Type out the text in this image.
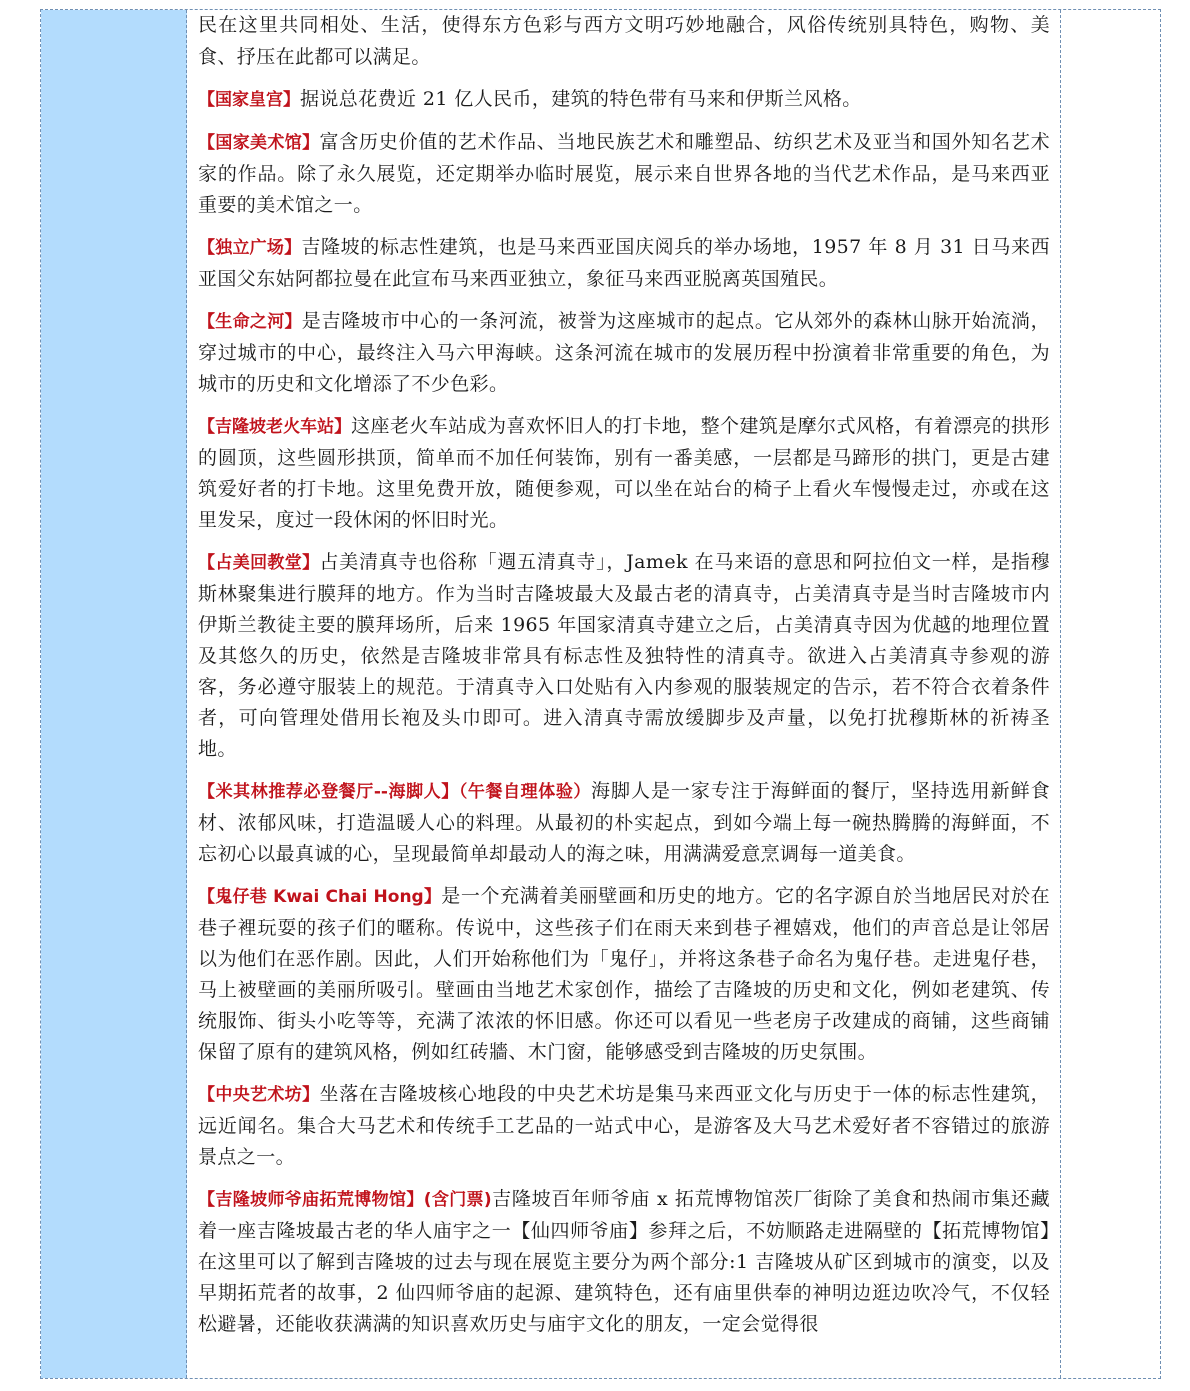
民在这里共同相处、生活，使得东方色彩与西方文明巧妙地融合，风俗传统别具特色，购物、美食、抒压在此都可以满足。

【国家皇宫】据说总花费近 21 亿人民币，建筑的特色带有马来和伊斯兰风格。

【国家美术馆】富含历史价值的艺术作品、当地民族艺术和雕塑品、纺织艺术及亚当和国外知名艺术家的作品。除了永久展览，还定期举办临时展览，展示来自世界各地的当代艺术作品，是马来西亚重要的美术馆之一。

【独立广场】吉隆坡的标志性建筑，也是马来西亚国庆阅兵的举办场地，1957 年 8 月 31 日马来西亚国父东姑阿都拉曼在此宣布马来西亚独立，象征马来西亚脱离英国殖民。

【生命之河】是吉隆坡市中心的一条河流，被誉为这座城市的起点。它从郊外的森林山脉开始流淌，穿过城市的中心，最终注入马六甲海峡。这条河流在城市的发展历程中扮演着非常重要的角色，为城市的历史和文化增添了不少色彩。

【吉隆坡老火车站】这座老火车站成为喜欢怀旧人的打卡地，整个建筑是摩尔式风格，有着漂亮的拱形的圆顶，这些圆形拱顶，简单而不加任何装饰，别有一番美感，一层都是马蹄形的拱门，更是古建筑爱好者的打卡地。这里免费开放，随便参观，可以坐在站台的椅子上看火车慢慢走过，亦或在这里发呆，度过一段休闲的怀旧时光。

【占美回教堂】占美清真寺也俗称「週五清真寺」，Jamek 在马来语的意思和阿拉伯文一样，是指穆斯林聚集进行膜拜的地方。作为当时吉隆坡最大及最古老的清真寺，占美清真寺是当时吉隆坡市内伊斯兰教徒主要的膜拜场所，后来 1965 年国家清真寺建立之后，占美清真寺因为优越的地理位置及其悠久的历史，依然是吉隆坡非常具有标志性及独特性的清真寺。欲进入占美清真寺参观的游客，务必遵守服装上的规范。于清真寺入口处贴有入内参观的服装规定的告示，若不符合衣着条件者，可向管理处借用长袍及头巾即可。进入清真寺需放缓脚步及声量，以免打扰穆斯林的祈祷圣地。

【米其林推荐必登餐厅--海脚人】（午餐自理体验）海脚人是一家专注于海鲜面的餐厅，坚持选用新鲜食材、浓郁风味，打造温暖人心的料理。从最初的朴实起点，到如今端上每一碗热腾腾的海鲜面，不忘初心以最真诚的心，呈现最简单却最动人的海之味，用满满爱意烹调每一道美食。

【鬼仔巷 Kwai Chai Hong】是一个充满着美丽壁画和历史的地方。它的名字源自於当地居民对於在巷子裡玩耍的孩子们的暱称。传说中，这些孩子们在雨天来到巷子裡嬉戏，他们的声音总是让邻居以为他们在恶作剧。因此，人们开始称他们为「鬼仔」，并将这条巷子命名为鬼仔巷。走进鬼仔巷，马上被壁画的美丽所吸引。壁画由当地艺术家创作，描绘了吉隆坡的历史和文化，例如老建筑、传统服饰、街头小吃等等，充满了浓浓的怀旧感。你还可以看见一些老房子改建成的商铺，这些商铺保留了原有的建筑风格，例如红砖牆、木门窗，能够感受到吉隆坡的历史氛围。

【中央艺术坊】坐落在吉隆坡核心地段的中央艺术坊是集马来西亚文化与历史于一体的标志性建筑，远近闻名。集合大马艺术和传统手工艺品的一站式中心，是游客及大马艺术爱好者不容错过的旅游景点之一。

【吉隆坡师爷庙拓荒博物馆】(含门票)吉隆坡百年师爷庙 x 拓荒博物馆茨厂街除了美食和热闹市集还藏着一座吉隆坡最古老的华人庙宇之一【仙四师爷庙】参拜之后，不妨顺路走进隔壁的【拓荒博物馆】在这里可以了解到吉隆坡的过去与现在展览主要分为两个部分:1 吉隆坡从矿区到城市的演变，以及早期拓荒者的故事，2 仙四师爷庙的起源、建筑特色，还有庙里供奉的神明边逛边吹冷气，不仅轻松避暑，还能收获满满的知识喜欢历史与庙宇文化的朋友，一定会觉得很
